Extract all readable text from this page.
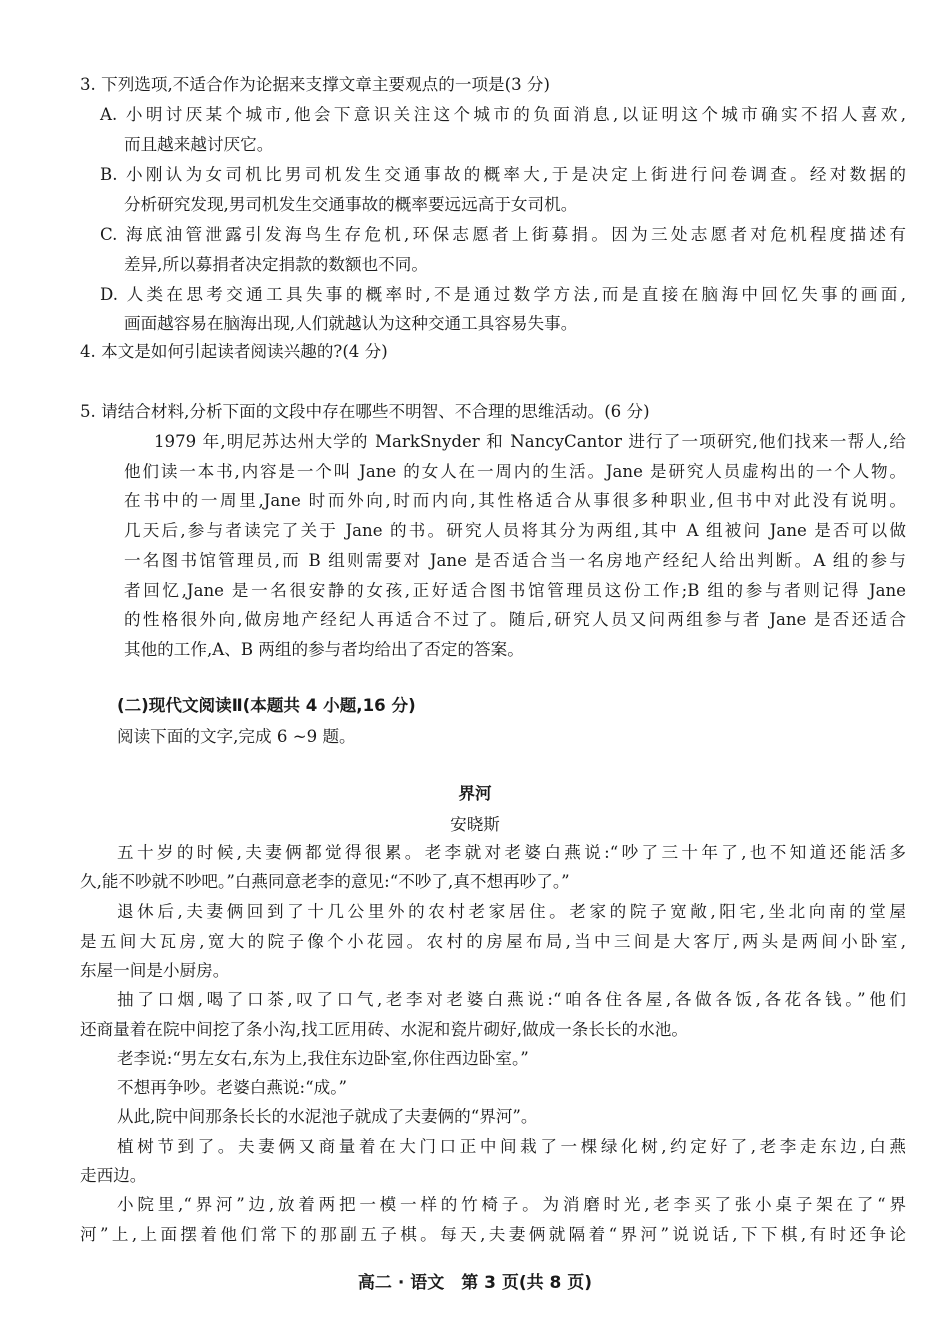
3. 下列选项,不适合作为论据来支撑文章主要观点的一项是(3 分)
A. 小明讨厌某个城市,他会下意识关注这个城市的负面消息,以证明这个城市确实不招人喜欢,
而且越来越讨厌它。
B. 小刚认为女司机比男司机发生交通事故的概率大,于是决定上街进行问卷调查。经对数据的
分析研究发现,男司机发生交通事故的概率要远远高于女司机。
C. 海底油管泄露引发海鸟生存危机,环保志愿者上街募捐。因为三处志愿者对危机程度描述有
差异,所以募捐者决定捐款的数额也不同。
D. 人类在思考交通工具失事的概率时,不是通过数学方法,而是直接在脑海中回忆失事的画面,
画面越容易在脑海出现,人们就越认为这种交通工具容易失事。
4. 本文是如何引起读者阅读兴趣的?(4 分)
5. 请结合材料,分析下面的文段中存在哪些不明智、不合理的思维活动。(6 分)
1979 年,明尼苏达州大学的 MarkSnyder 和 NancyCantor 进行了一项研究,他们找来一帮人,给
他们读一本书,内容是一个叫 Jane 的女人在一周内的生活。Jane 是研究人员虚构出的一个人物。
在书中的一周里,Jane 时而外向,时而内向,其性格适合从事很多种职业,但书中对此没有说明。
几天后,参与者读完了关于 Jane 的书。研究人员将其分为两组,其中 A 组被问 Jane 是否可以做
一名图书馆管理员,而 B 组则需要对 Jane 是否适合当一名房地产经纪人给出判断。A 组的参与
者回忆,Jane 是一名很安静的女孩,正好适合图书馆管理员这份工作;B 组的参与者则记得 Jane
的性格很外向,做房地产经纪人再适合不过了。随后,研究人员又问两组参与者 Jane 是否还适合
其他的工作,A、B 两组的参与者均给出了否定的答案。
(二)现代文阅读Ⅱ(本题共 4 小题,16 分)
阅读下面的文字,完成 6 ~9 题。
界河
安晓斯
五十岁的时候,夫妻俩都觉得很累。老李就对老婆白燕说:“吵了三十年了,也不知道还能活多
久,能不吵就不吵吧。”白燕同意老李的意见:“不吵了,真不想再吵了。”
退休后,夫妻俩回到了十几公里外的农村老家居住。老家的院子宽敞,阳宅,坐北向南的堂屋
是五间大瓦房,宽大的院子像个小花园。农村的房屋布局,当中三间是大客厅,两头是两间小卧室,
东屋一间是小厨房。
抽了口烟,喝了口茶,叹了口气,老李对老婆白燕说:“咱各住各屋,各做各饭,各花各钱。”他们
还商量着在院中间挖了条小沟,找工匠用砖、水泥和瓷片砌好,做成一条长长的水池。
老李说:“男左女右,东为上,我住东边卧室,你住西边卧室。”
不想再争吵。老婆白燕说:“成。”
从此,院中间那条长长的水泥池子就成了夫妻俩的“界河”。
植树节到了。夫妻俩又商量着在大门口正中间栽了一棵绿化树,约定好了,老李走东边,白燕
走西边。
小院里,“界河”边,放着两把一模一样的竹椅子。为消磨时光,老李买了张小桌子架在了“界
河”上,上面摆着他们常下的那副五子棋。每天,夫妻俩就隔着“界河”说说话,下下棋,有时还争论
高二 · 语文　第 3 页(共 8 页)
